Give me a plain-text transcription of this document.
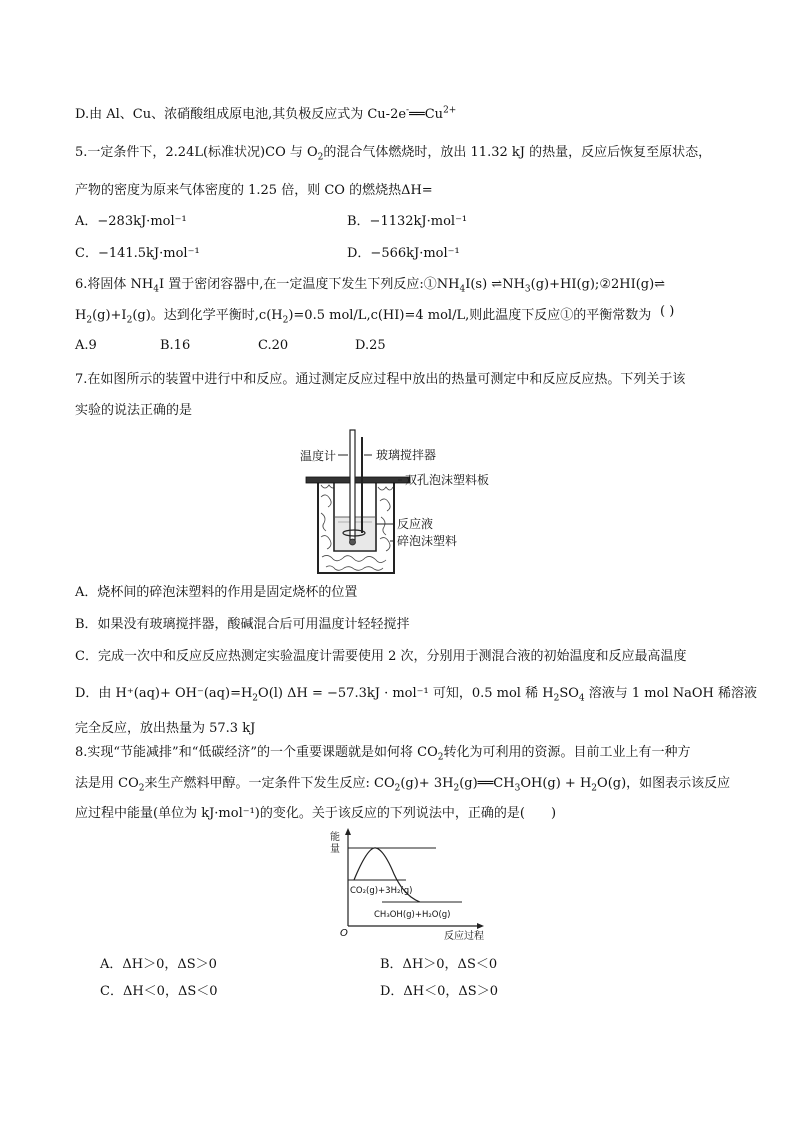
D.由 Al、Cu、浓硝酸组成原电池,其负极反应式为 $Cu-2e^-══Cu^{2+}$
5.一定条件下，2.24L(标准状况)CO 与 $O_2$的混合气体燃烧时，放出 11.32 kJ 的热量，反应后恢复至原状态，
产物的密度为原来气体密度的 1.25 倍，则 CO 的燃烧热ΔH=
A．−283kJ·mol⁻¹	B．−1132kJ·mol⁻¹
C．−141.5kJ·mol⁻¹	D．−566kJ·mol⁻¹
6.将固体 $NH_4I$ 置于密闭容器中,在一定温度下发生下列反应$:①NH_4I(s)$ $\rightleftharpoons NH_3(g)+HI(g);②2HI(g)\rightleftharpoons$
$H_2(g)+I_2(g)$。达到化学平衡时$,c(H_2)=0.5$ mol/L,c(HI)=4 mol/L,则此温度下反应①的平衡常数为 ( )
A.9	B.16	C.20	D.25
7.在如图所示的装置中进行中和反应。通过测定反应过程中放出的热量可测定中和反应反应热。下列关于该
实验的说法正确的是
温度计	玻璃搅拌器
双孔泡沫塑料板
反应液
碎泡沫塑料
A．烧杯间的碎泡沫塑料的作用是固定烧杯的位置
B．如果没有玻璃搅拌器，酸碱混合后可用温度计轻轻搅拌
C．完成一次中和反应反应热测定实验温度计需要使用 2 次，分别用于测混合液的初始温度和反应最高温度
D．由 $H^+(aq)+ OH^-(aq)=H_2O(l) \Delta H = -57.3kJ \cdot mol^{-1}$ 可知，0.5 mol 稀 $H_2SO_4$ 溶液与 1 mol NaOH 稀溶液
完全反应，放出热量为 57.3 kJ
8.实现“节能减排”和“低碳经济”的一个重要课题就是如何将 $CO_2$转化为可利用的资源。目前工业上有一种方
法是用 $CO_2$来生产燃料甲醇。一定条件下发生反应: $CO_2(g)+$ $3H_2(g)══CH_3OH(g) + H_2O(g)$，如图表示该反应
应过程中能量(单位为 kJ·mol⁻¹)的变化。关于该反应的下列说法中，正确的是(　　)
能
量
O	反应过程
CO₂(g)+3H₂(g)
CH₃OH(g)+H₂O(g)
A．ΔH＞0，ΔS＞0	B．ΔH＞0，ΔS＜0
C．ΔH＜0，ΔS＜0	D．ΔH＜0，ΔS＞0
